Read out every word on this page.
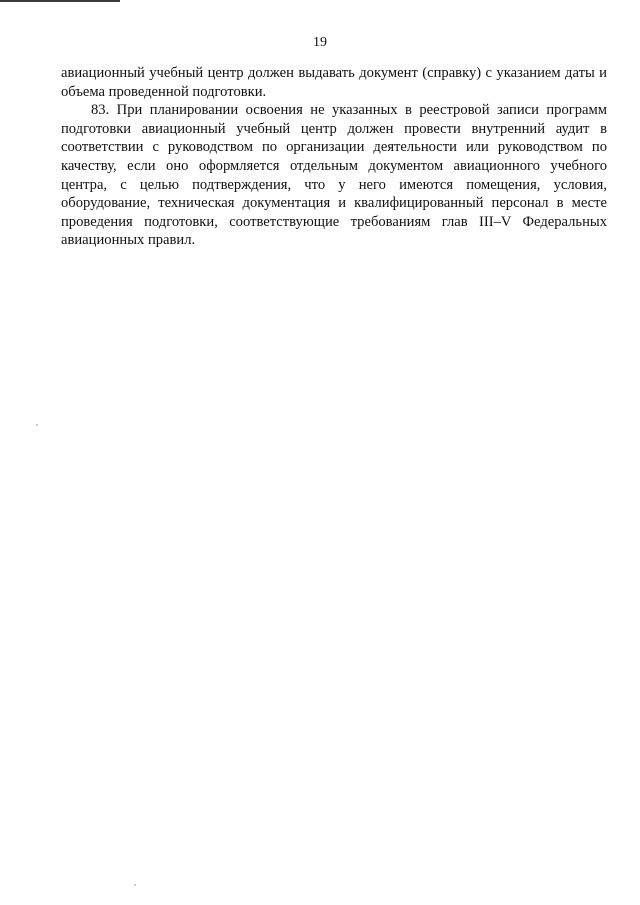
19

авиационный учебный центр должен выдавать документ (справку) с указанием даты и объема проведенной подготовки.

83. При планировании освоения не указанных в реестровой записи программ подготовки авиационный учебный центр должен провести внутренний аудит в соответствии с руководством по организации деятельности или руководством по качеству, если оно оформляется отдельным документом авиационного учебного центра, с целью подтверждения, что у него имеются помещения, условия, оборудование, техническая документация и квалифицированный персонал в месте проведения подготовки, соответствующие требованиям глав III–V Федеральных авиационных правил.
